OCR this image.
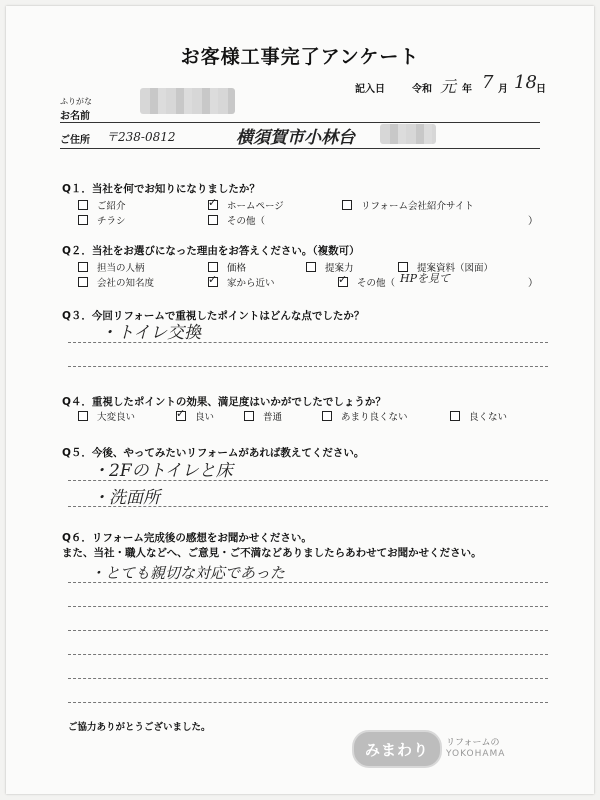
お客様工事完了アンケート
記入日	令和 元 年 7 月 18 日
ふりがな
お名前
ご住所 〒238-0812	横須賀市小林台
Q１．当社を何でお知りになりましたか？
ご紹介 ✓	ホームページ	リフォーム会社紹介サイト
チラシ	その他（	）
Q２．当社をお選びになった理由をお答えください。（複数可）
担当の人柄	価格	提案力	提案資料（図面）
会社の知名度 ✓	家から近い ✓	その他（ HPを見て	）
Q３．今回リフォームで重視したポイントはどんな点でしたか？
・トイレ交換
Q４．重視したポイントの効果、満足度はいかがでしたでしょうか？
大変良い ✓	良い	普通	あまり良くない	良くない
Q５．今後、やってみたいリフォームがあれば教えてください。
・2Fのトイレと床
・洗面所
Q６．リフォーム完成後の感想をお聞かせください。
また、当社・職人などへ、ご意見・ご不満などありましたらあわせてお聞かせください。
・とても親切な対応であった
ご協力ありがとうございました。
みまわり	リフォームの
YOKOHAMA
